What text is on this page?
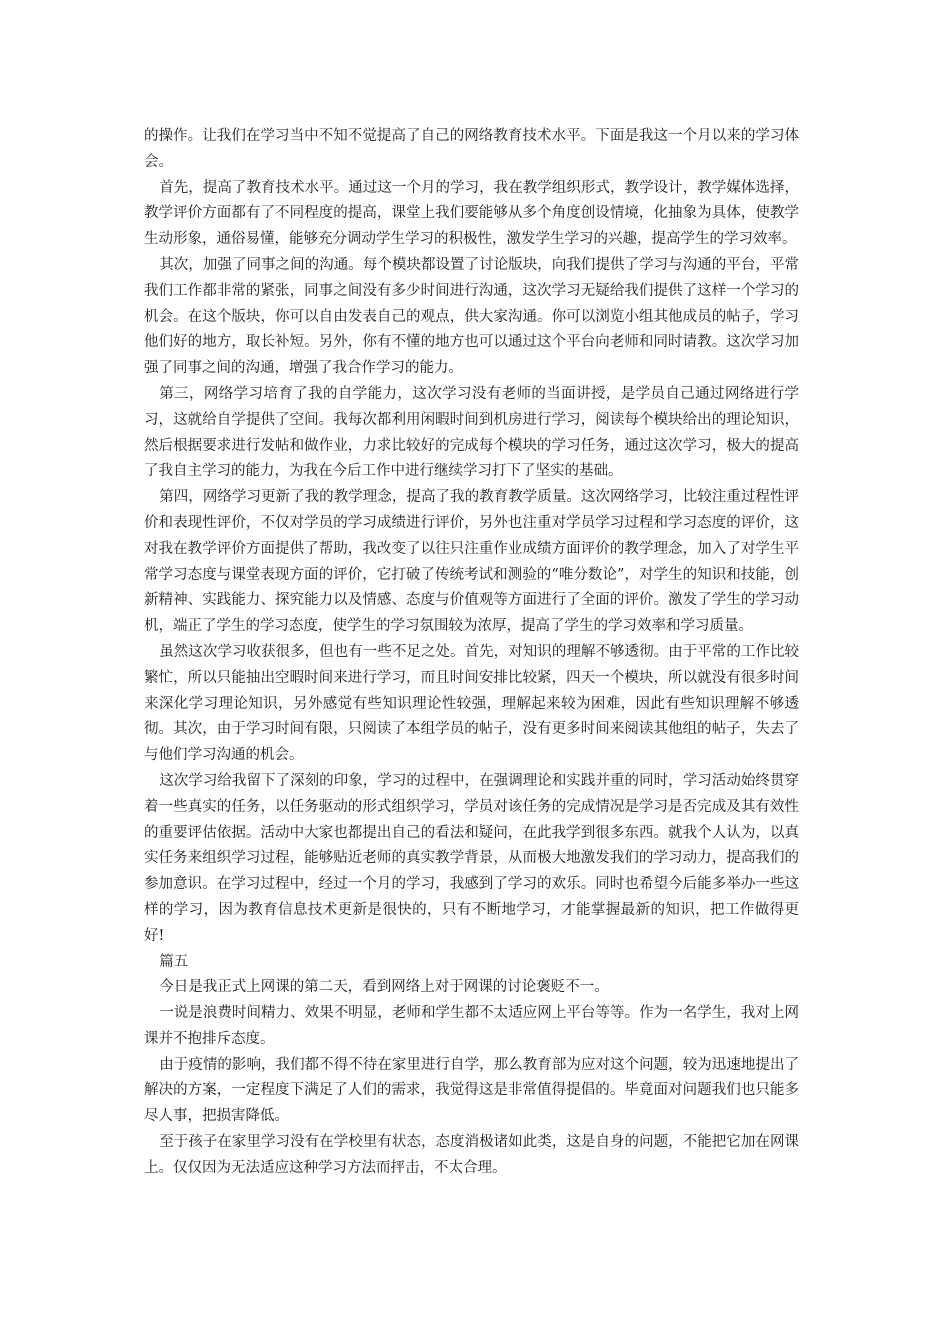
的操作。让我们在学习当中不知不觉提高了自己的网络教育技术水平。下面是我这一个月以来的学习体会。

首先，提高了教育技术水平。通过这一个月的学习，我在教学组织形式，教学设计，教学媒体选择，教学评价方面都有了不同程度的提高，课堂上我们要能够从多个角度创设情境，化抽象为具体，使教学生动形象，通俗易懂，能够充分调动学生学习的积极性，激发学生学习的兴趣，提高学生的学习效率。

其次，加强了同事之间的沟通。每个模块都设置了讨论版块，向我们提供了学习与沟通的平台，平常我们工作都非常的紧张，同事之间没有多少时间进行沟通，这次学习无疑给我们提供了这样一个学习的机会。在这个版块，你可以自由发表自己的观点，供大家沟通。你可以浏览小组其他成员的帖子，学习他们好的地方，取长补短。另外，你有不懂的地方也可以通过这个平台向老师和同时请教。这次学习加强了同事之间的沟通，增强了我合作学习的能力。

第三，网络学习培育了我的自学能力，这次学习没有老师的当面讲授，是学员自己通过网络进行学习，这就给自学提供了空间。我每次都利用闲暇时间到机房进行学习，阅读每个模块给出的理论知识，然后根据要求进行发帖和做作业，力求比较好的完成每个模块的学习任务，通过这次学习，极大的提高了我自主学习的能力，为我在今后工作中进行继续学习打下了坚实的基础。

第四，网络学习更新了我的教学理念，提高了我的教育教学质量。这次网络学习，比较注重过程性评价和表现性评价，不仅对学员的学习成绩进行评价，另外也注重对学员学习过程和学习态度的评价，这对我在教学评价方面提供了帮助，我改变了以往只注重作业成绩方面评价的教学理念，加入了对学生平常学习态度与课堂表现方面的评价，它打破了传统考试和测验的“唯分数论”，对学生的知识和技能，创新精神、实践能力、探究能力以及情感、态度与价值观等方面进行了全面的评价。激发了学生的学习动机，端正了学生的学习态度，使学生的学习氛围较为浓厚，提高了学生的学习效率和学习质量。

虽然这次学习收获很多，但也有一些不足之处。首先，对知识的理解不够透彻。由于平常的工作比较繁忙，所以只能抽出空暇时间来进行学习，而且时间安排比较紧，四天一个模块，所以就没有很多时间来深化学习理论知识，另外感觉有些知识理论性较强，理解起来较为困难，因此有些知识理解不够透彻。其次，由于学习时间有限，只阅读了本组学员的帖子，没有更多时间来阅读其他组的帖子，失去了与他们学习沟通的机会。

这次学习给我留下了深刻的印象，学习的过程中，在强调理论和实践并重的同时，学习活动始终贯穿着一些真实的任务，以任务驱动的形式组织学习，学员对该任务的完成情况是学习是否完成及其有效性的重要评估依据。活动中大家也都提出自己的看法和疑问，在此我学到很多东西。就我个人认为，以真实任务来组织学习过程，能够贴近老师的真实教学背景，从而极大地激发我们的学习动力，提高我们的参加意识。在学习过程中，经过一个月的学习，我感到了学习的欢乐。同时也希望今后能多举办一些这样的学习，因为教育信息技术更新是很快的，只有不断地学习，才能掌握最新的知识，把工作做得更好!

篇五

今日是我正式上网课的第二天，看到网络上对于网课的讨论褒贬不一。

一说是浪费时间精力、效果不明显，老师和学生都不太适应网上平台等等。作为一名学生，我对上网课并不抱排斥态度。

由于疫情的影响，我们都不得不待在家里进行自学，那么教育部为应对这个问题，较为迅速地提出了解决的方案，一定程度下满足了人们的需求，我觉得这是非常值得提倡的。毕竟面对问题我们也只能多尽人事，把损害降低。

至于孩子在家里学习没有在学校里有状态，态度消极诸如此类，这是自身的问题，不能把它加在网课上。仅仅因为无法适应这种学习方法而抨击，不太合理。
